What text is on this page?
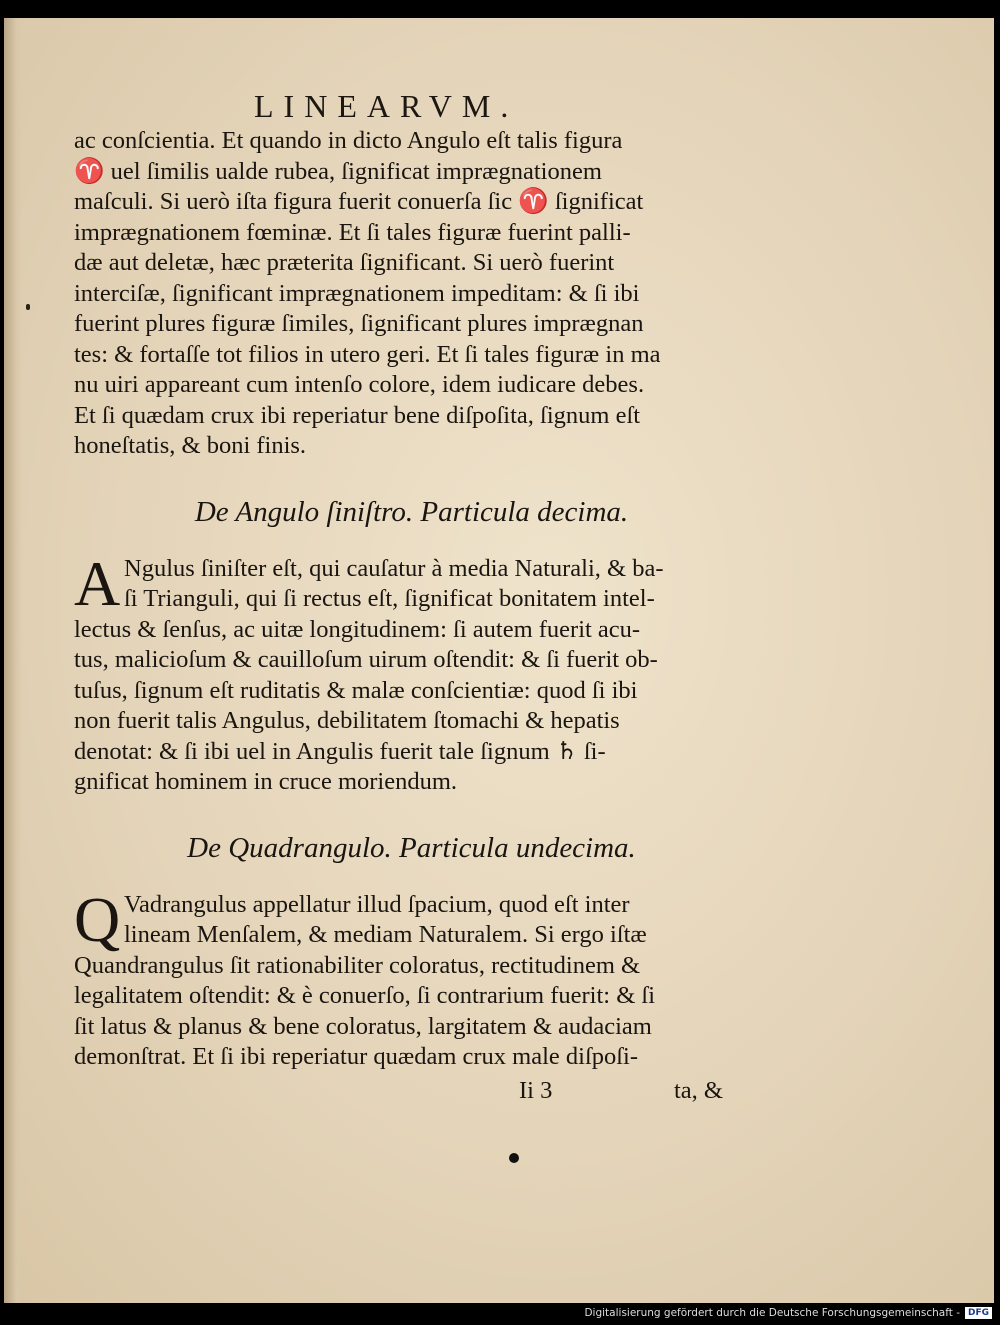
LINEARVM.
ac conſcientia. Et quando in dicto Angulo eſt talis figura
♈ uel ſimilis ualde rubea, ſignificat imprægnationem
maſculi. Si uerò iſta figura fuerit conuerſa ſic ♈ ſignificat
imprægnationem fœminæ. Et ſi tales figuræ fuerint palli-
dæ aut deletæ, hæc præterita ſignificant. Si uerò fuerint
interciſæ, ſignificant imprægnationem impeditam: & ſi ibi
fuerint plures figuræ ſimiles, ſignificant plures imprægnan
tes: & fortaſſe tot filios in utero geri. Et ſi tales figuræ in ma
nu uiri appareant cum intenſo colore, idem iudicare debes.
Et ſi quædam crux ibi reperiatur bene diſpoſita, ſignum eſt
honeſtatis, & boni finis.
De Angulo ſiniſtro. Particula decima.
A Ngulus ſiniſter eſt, qui cauſatur à media Naturali, & ba-
ſi Trianguli, qui ſi rectus eſt, ſignificat bonitatem intel-
lectus & ſenſus, ac uitæ longitudinem: ſi autem fuerit acu-
tus, malicioſum & cauilloſum uirum oſtendit: & ſi fuerit ob-
tuſus, ſignum eſt ruditatis & malæ conſcientiæ: quod ſi ibi
non fuerit talis Angulus, debilitatem ſtomachi & hepatis
denotat: & ſi ibi uel in Angulis fuerit tale ſignum ♄ ſi-
gnificat hominem in cruce moriendum.
De Quadrangulo. Particula undecima.
Q Vadrangulus appellatur illud ſpacium, quod eſt inter
lineam Menſalem, & mediam Naturalem. Si ergo iſtæ
Quandrangulus ſit rationabiliter coloratus, rectitudinem &
legalitatem oſtendit: & è conuerſo, ſi contrarium fuerit: & ſi
ſit latus & planus & bene coloratus, largitatem & audaciam
demonſtrat. Et ſi ibi reperiatur quædam crux male diſpoſi-
Ii 3	ta, &
Digitalisierung gefördert durch die Deutsche Forschungsgemeinschaft - DFG
